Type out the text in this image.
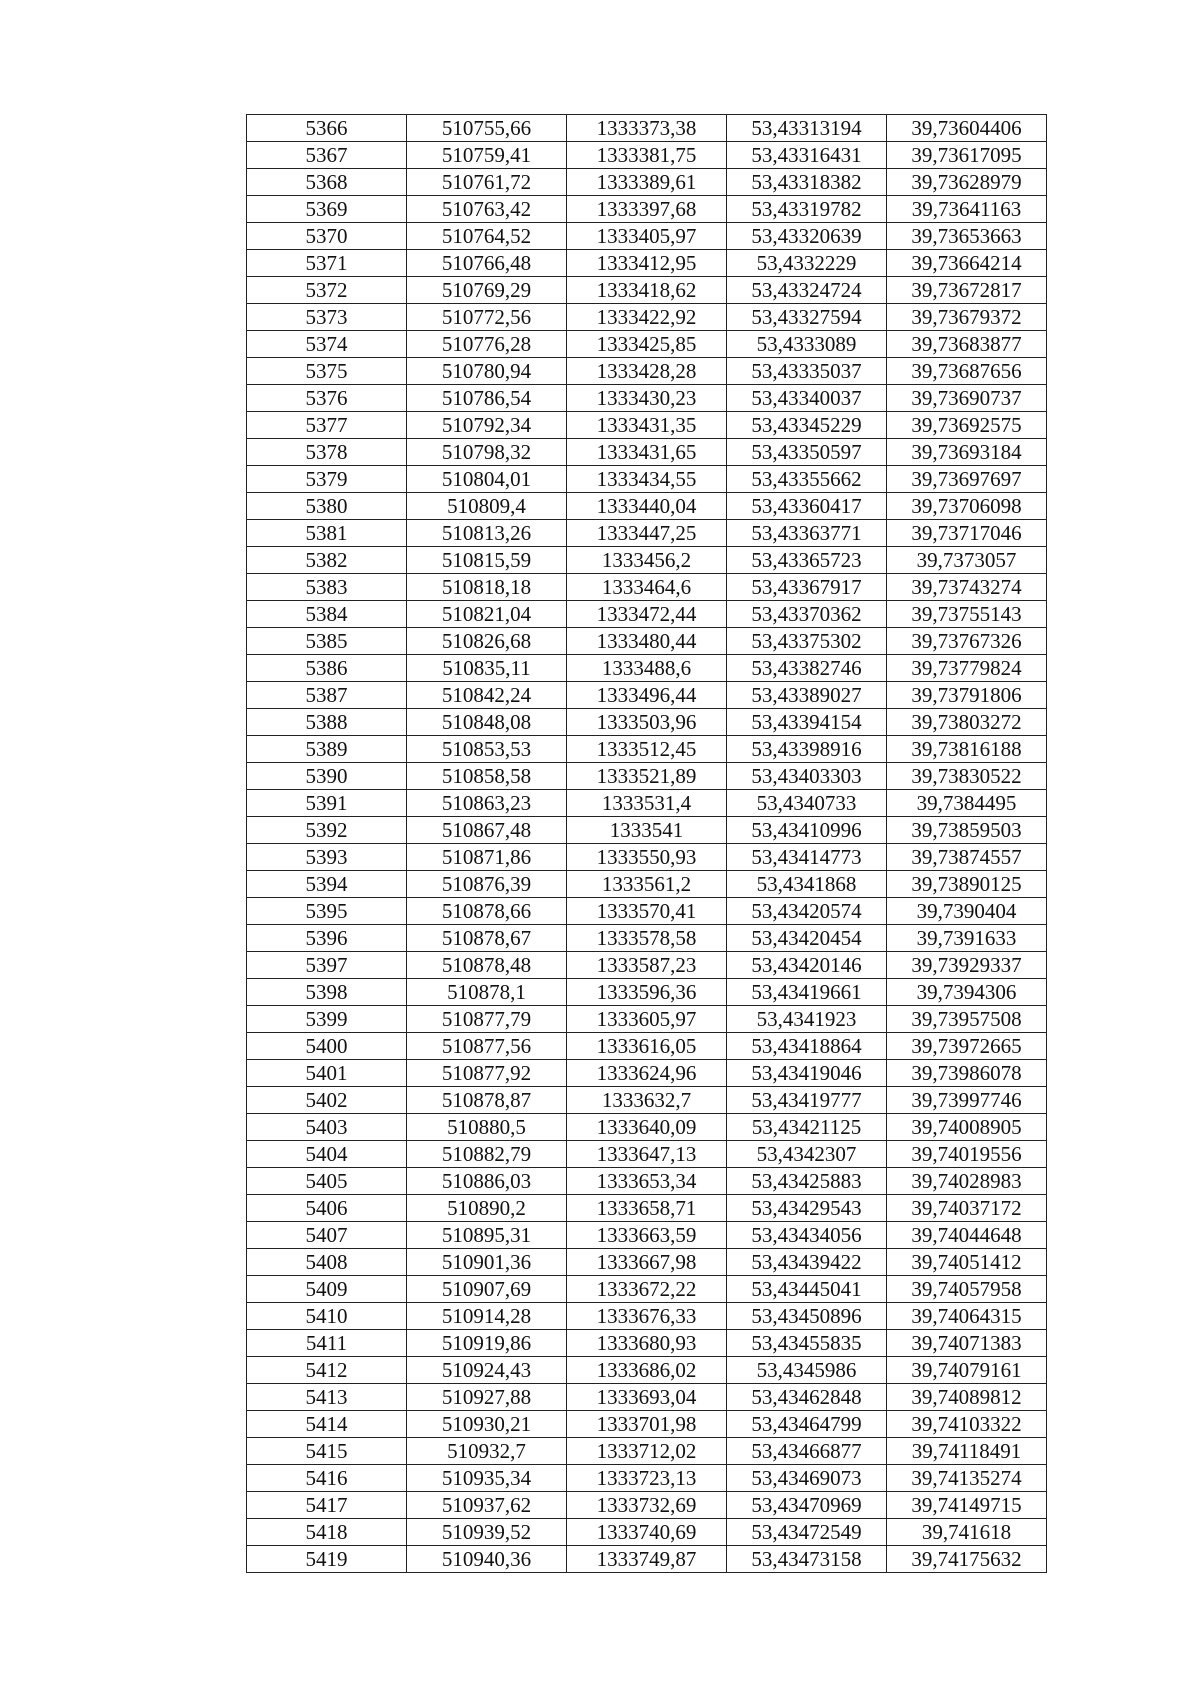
5366	510755,66	1333373,38	53,43313194	39,73604406
5367	510759,41	1333381,75	53,43316431	39,73617095
5368	510761,72	1333389,61	53,43318382	39,73628979
5369	510763,42	1333397,68	53,43319782	39,73641163
5370	510764,52	1333405,97	53,43320639	39,73653663
5371	510766,48	1333412,95	53,4332229	39,73664214
5372	510769,29	1333418,62	53,43324724	39,73672817
5373	510772,56	1333422,92	53,43327594	39,73679372
5374	510776,28	1333425,85	53,4333089	39,73683877
5375	510780,94	1333428,28	53,43335037	39,73687656
5376	510786,54	1333430,23	53,43340037	39,73690737
5377	510792,34	1333431,35	53,43345229	39,73692575
5378	510798,32	1333431,65	53,43350597	39,73693184
5379	510804,01	1333434,55	53,43355662	39,73697697
5380	510809,4	1333440,04	53,43360417	39,73706098
5381	510813,26	1333447,25	53,43363771	39,73717046
5382	510815,59	1333456,2	53,43365723	39,7373057
5383	510818,18	1333464,6	53,43367917	39,73743274
5384	510821,04	1333472,44	53,43370362	39,73755143
5385	510826,68	1333480,44	53,43375302	39,73767326
5386	510835,11	1333488,6	53,43382746	39,73779824
5387	510842,24	1333496,44	53,43389027	39,73791806
5388	510848,08	1333503,96	53,43394154	39,73803272
5389	510853,53	1333512,45	53,43398916	39,73816188
5390	510858,58	1333521,89	53,43403303	39,73830522
5391	510863,23	1333531,4	53,4340733	39,7384495
5392	510867,48	1333541	53,43410996	39,73859503
5393	510871,86	1333550,93	53,43414773	39,73874557
5394	510876,39	1333561,2	53,4341868	39,73890125
5395	510878,66	1333570,41	53,43420574	39,7390404
5396	510878,67	1333578,58	53,43420454	39,7391633
5397	510878,48	1333587,23	53,43420146	39,73929337
5398	510878,1	1333596,36	53,43419661	39,7394306
5399	510877,79	1333605,97	53,4341923	39,73957508
5400	510877,56	1333616,05	53,43418864	39,73972665
5401	510877,92	1333624,96	53,43419046	39,73986078
5402	510878,87	1333632,7	53,43419777	39,73997746
5403	510880,5	1333640,09	53,43421125	39,74008905
5404	510882,79	1333647,13	53,4342307	39,74019556
5405	510886,03	1333653,34	53,43425883	39,74028983
5406	510890,2	1333658,71	53,43429543	39,74037172
5407	510895,31	1333663,59	53,43434056	39,74044648
5408	510901,36	1333667,98	53,43439422	39,74051412
5409	510907,69	1333672,22	53,43445041	39,74057958
5410	510914,28	1333676,33	53,43450896	39,74064315
5411	510919,86	1333680,93	53,43455835	39,74071383
5412	510924,43	1333686,02	53,4345986	39,74079161
5413	510927,88	1333693,04	53,43462848	39,74089812
5414	510930,21	1333701,98	53,43464799	39,74103322
5415	510932,7	1333712,02	53,43466877	39,74118491
5416	510935,34	1333723,13	53,43469073	39,74135274
5417	510937,62	1333732,69	53,43470969	39,74149715
5418	510939,52	1333740,69	53,43472549	39,741618
5419	510940,36	1333749,87	53,43473158	39,74175632
